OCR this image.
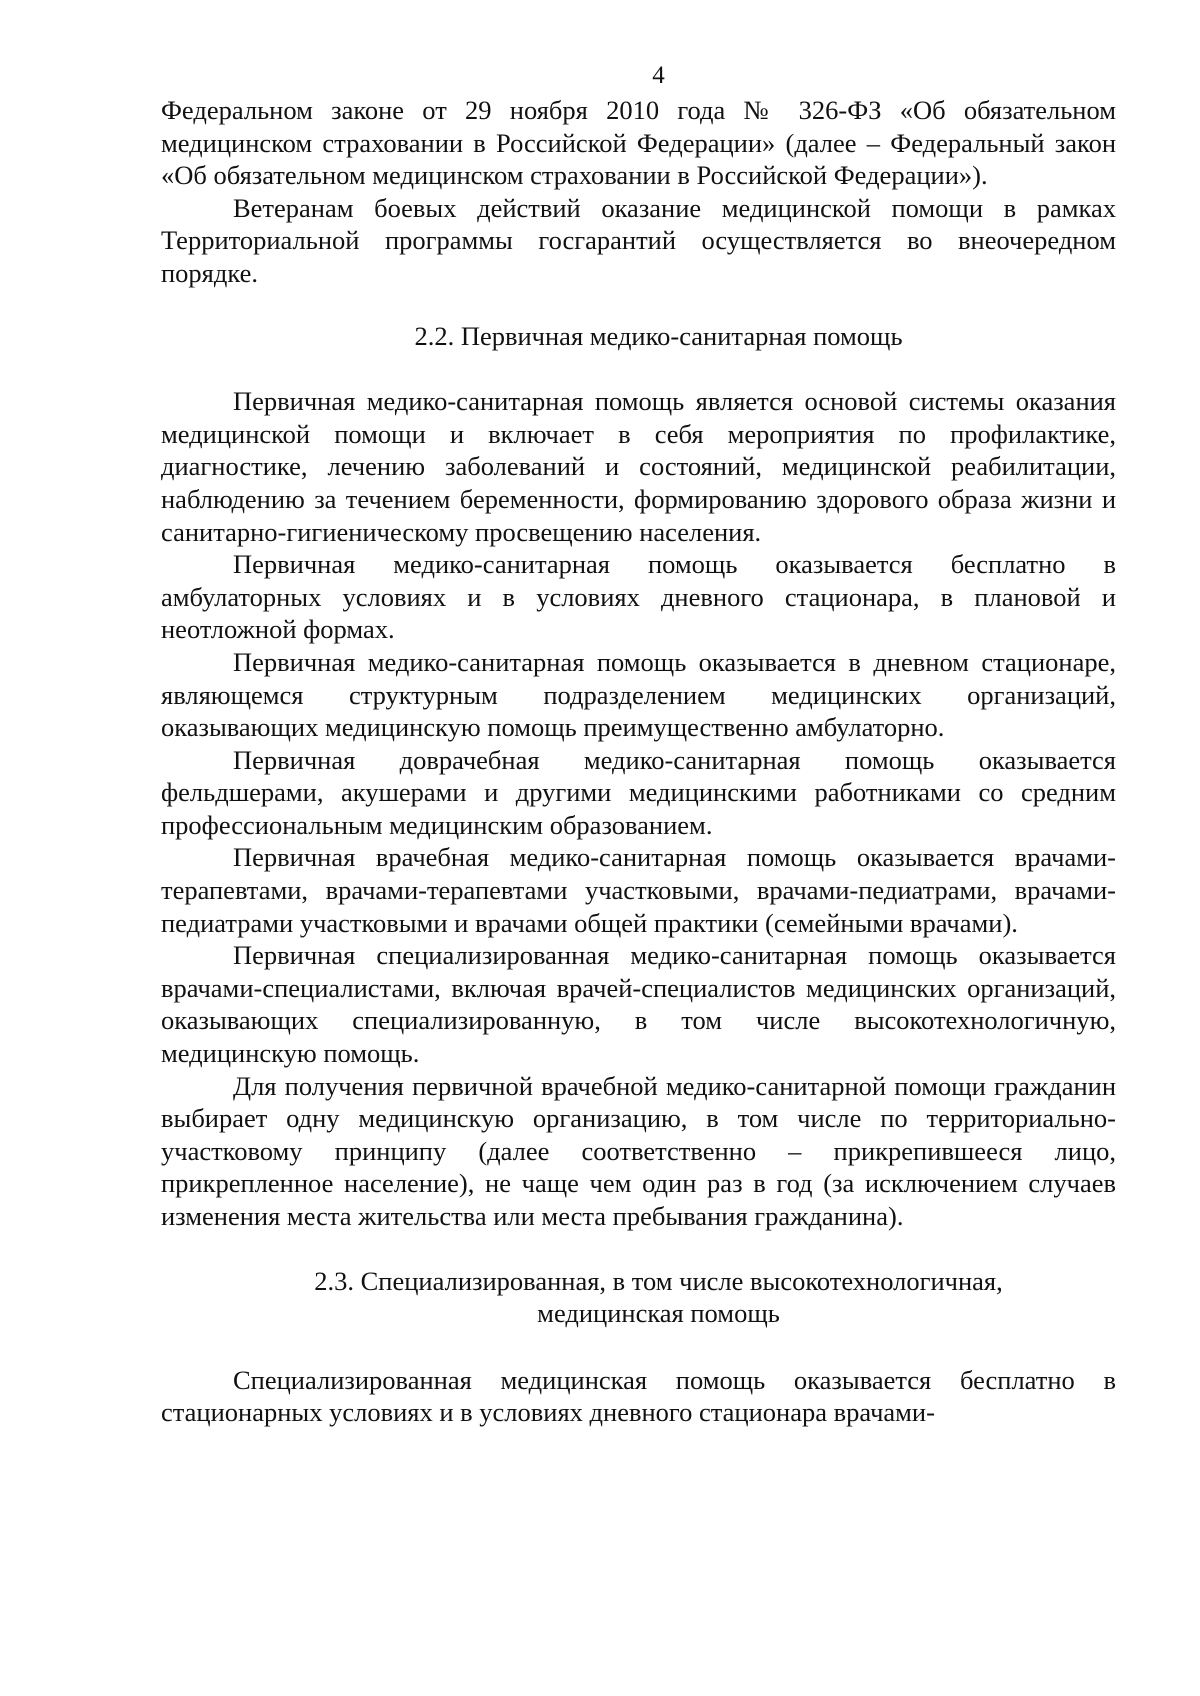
4

Федеральном законе от 29 ноября 2010 года № 326-ФЗ «Об обязательном медицинском страховании в Российской Федерации» (далее – Федеральный закон «Об обязательном медицинском страховании в Российской Федерации»).

Ветеранам боевых действий оказание медицинской помощи в рамках Территориальной программы госгарантий осуществляется во внеочередном порядке.

2.2. Первичная медико-санитарная помощь

Первичная медико-санитарная помощь является основой системы оказания медицинской помощи и включает в себя мероприятия по профилактике, диагностике, лечению заболеваний и состояний, медицинской реабилитации, наблюдению за течением беременности, формированию здорового образа жизни и санитарно-гигиеническому просвещению населения.

Первичная медико-санитарная помощь оказывается бесплатно в амбулаторных условиях и в условиях дневного стационара, в плановой и неотложной формах.

Первичная медико-санитарная помощь оказывается в дневном стационаре, являющемся структурным подразделением медицинских организаций, оказывающих медицинскую помощь преимущественно амбулаторно.

Первичная доврачебная медико-санитарная помощь оказывается фельдшерами, акушерами и другими медицинскими работниками со средним профессиональным медицинским образованием.

Первичная врачебная медико-санитарная помощь оказывается врачами-терапевтами, врачами-терапевтами участковыми, врачами-педиатрами, врачами-педиатрами участковыми и врачами общей практики (семейными врачами).

Первичная специализированная медико-санитарная помощь оказывается врачами-специалистами, включая врачей-специалистов медицинских организаций, оказывающих специализированную, в том числе высокотехнологичную, медицинскую помощь.

Для получения первичной врачебной медико-санитарной помощи гражданин выбирает одну медицинскую организацию, в том числе по территориально-участковому принципу (далее соответственно – прикрепившееся лицо, прикрепленное население), не чаще чем один раз в год (за исключением случаев изменения места жительства или места пребывания гражданина).

2.3. Специализированная, в том числе высокотехнологичная,
медицинская помощь

Специализированная медицинская помощь оказывается бесплатно в стационарных условиях и в условиях дневного стационара врачами-
